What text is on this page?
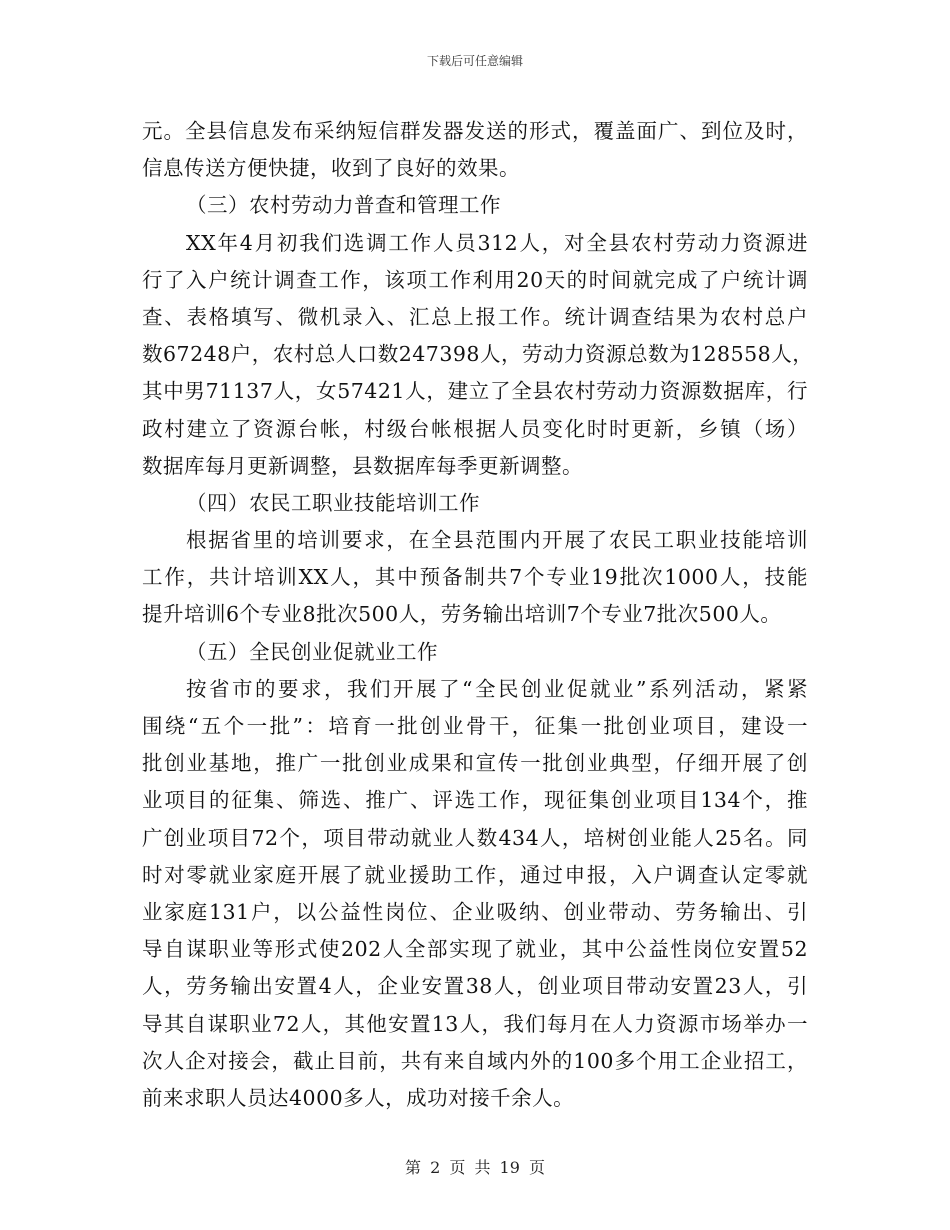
下载后可任意编辑
元。全县信息发布采纳短信群发器发送的形式，覆盖面广、到位及时，
信息传送方便快捷，收到了良好的效果。
（三）农村劳动力普查和管理工作
XX年4月初我们选调工作人员312人，对全县农村劳动力资源进
行了入户统计调查工作，该项工作利用20天的时间就完成了户统计调
查、表格填写、微机录入、汇总上报工作。统计调查结果为农村总户
数67248户，农村总人口数247398人，劳动力资源总数为128558人，
其中男71137人，女57421人，建立了全县农村劳动力资源数据库，行
政村建立了资源台帐，村级台帐根据人员变化时时更新，乡镇（场）
数据库每月更新调整，县数据库每季更新调整。
（四）农民工职业技能培训工作
根据省里的培训要求，在全县范围内开展了农民工职业技能培训
工作，共计培训XX人，其中预备制共7个专业19批次1000人，技能
提升培训6个专业8批次500人，劳务输出培训7个专业7批次500人。
（五）全民创业促就业工作
按省市的要求，我们开展了“全民创业促就业”系列活动，紧紧
围绕“五个一批”：培育一批创业骨干，征集一批创业项目，建设一
批创业基地，推广一批创业成果和宣传一批创业典型，仔细开展了创
业项目的征集、筛选、推广、评选工作，现征集创业项目134个，推
广创业项目72个，项目带动就业人数434人，培树创业能人25名。同
时对零就业家庭开展了就业援助工作，通过申报，入户调查认定零就
业家庭131户，以公益性岗位、企业吸纳、创业带动、劳务输出、引
导自谋职业等形式使202人全部实现了就业，其中公益性岗位安置52
人，劳务输出安置4人，企业安置38人，创业项目带动安置23人，引
导其自谋职业72人，其他安置13人，我们每月在人力资源市场举办一
次人企对接会，截止目前，共有来自域内外的100多个用工企业招工，
前来求职人员达4000多人，成功对接千余人。
第 2 页 共 19 页
